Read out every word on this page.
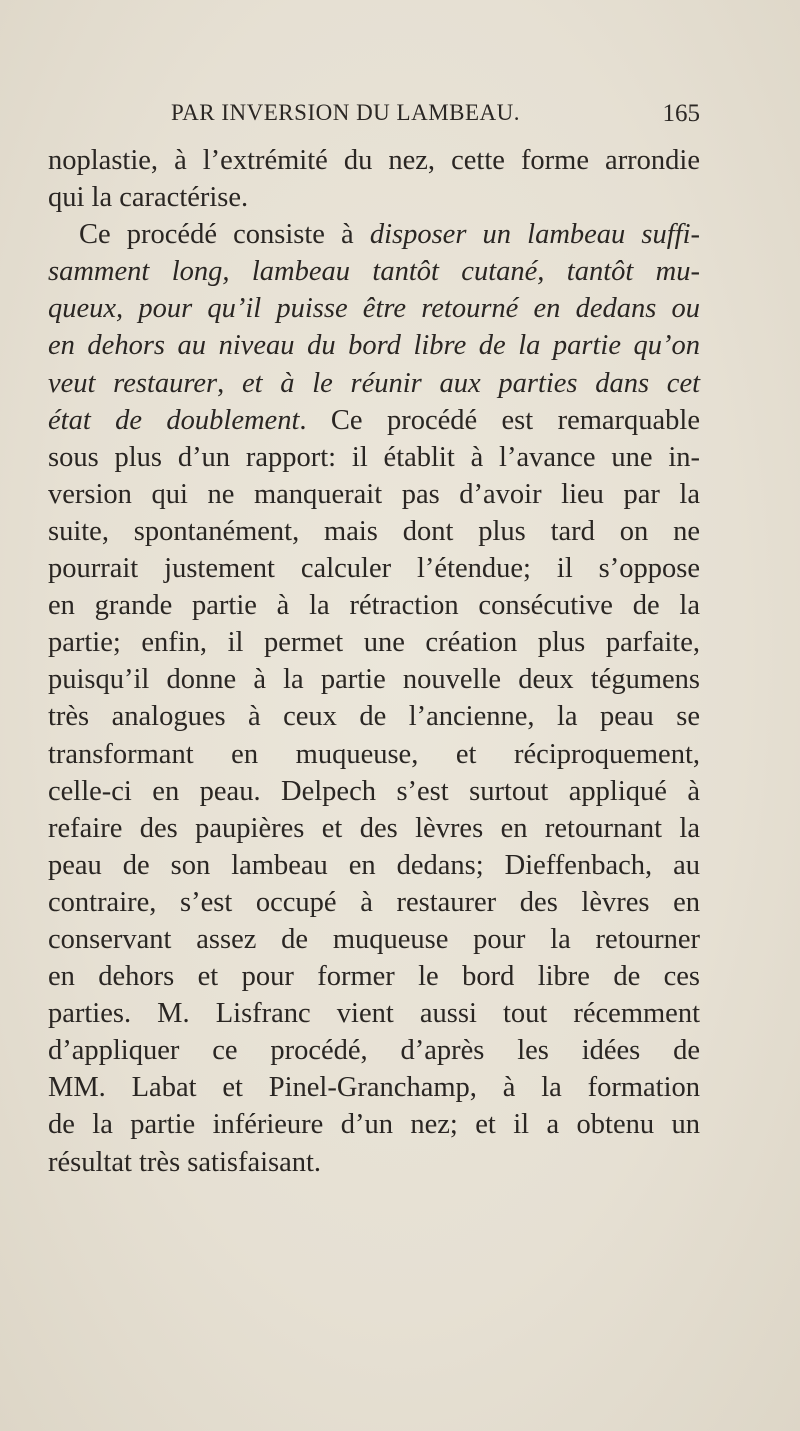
PAR INVERSION DU LAMBEAU.	165
noplastie, à l’extrémité du nez, cette forme arrondie
qui la caractérise.
Ce procédé consiste à disposer un lambeau suffi-
samment long, lambeau tantôt cutané, tantôt mu-
queux, pour qu’il puisse être retourné en dedans ou
en dehors au niveau du bord libre de la partie qu’on
veut restaurer, et à le réunir aux parties dans cet
état de doublement. Ce procédé est remarquable
sous plus d’un rapport: il établit à l’avance une in-
version qui ne manquerait pas d’avoir lieu par la
suite, spontanément, mais dont plus tard on ne
pourrait justement calculer l’étendue; il s’oppose
en grande partie à la rétraction consécutive de la
partie; enfin, il permet une création plus parfaite,
puisqu’il donne à la partie nouvelle deux tégumens
très analogues à ceux de l’ancienne, la peau se
transformant en muqueuse, et réciproquement,
celle-ci en peau. Delpech s’est surtout appliqué à
refaire des paupières et des lèvres en retournant la
peau de son lambeau en dedans; Dieffenbach, au
contraire, s’est occupé à restaurer des lèvres en
conservant assez de muqueuse pour la retourner
en dehors et pour former le bord libre de ces
parties. M. Lisfranc vient aussi tout récemment
d’appliquer ce procédé, d’après les idées de
MM. Labat et Pinel-Granchamp, à la formation
de la partie inférieure d’un nez; et il a obtenu un
résultat très satisfaisant.
